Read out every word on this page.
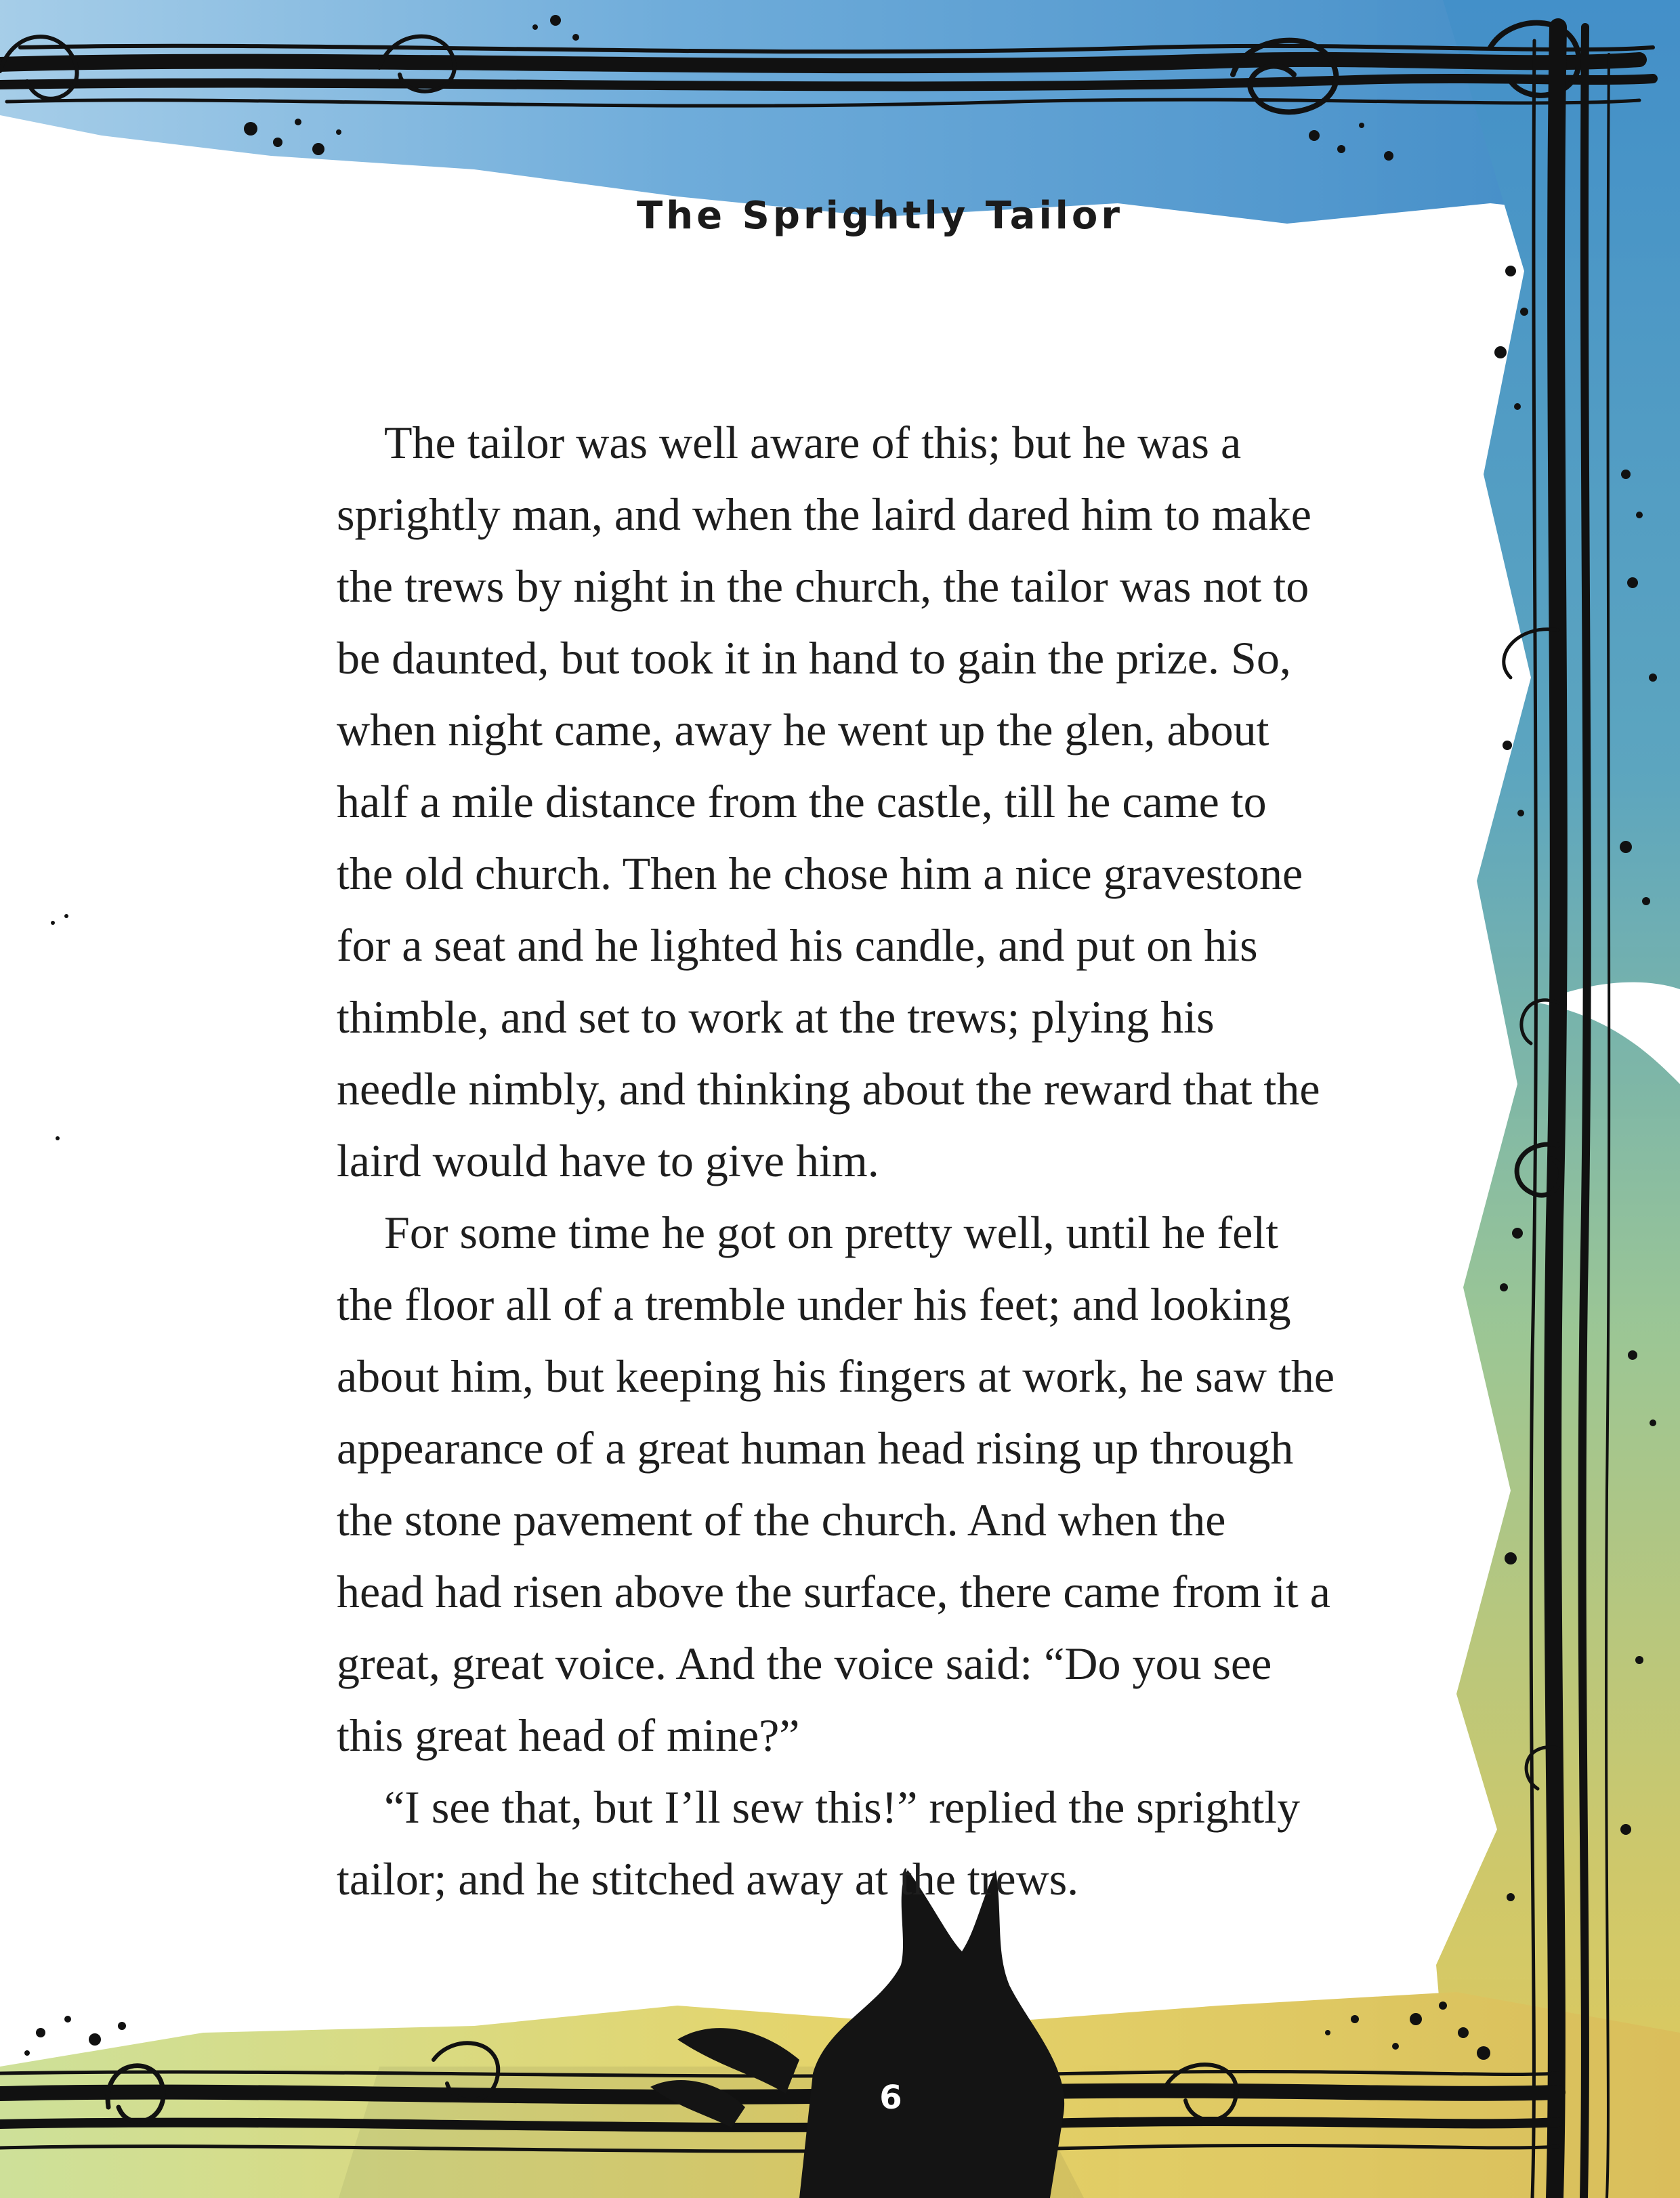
The Sprightly Tailor
The tailor was well aware of this; but he was a
sprightly man, and when the laird dared him to make
the trews by night in the church, the tailor was not to
be daunted, but took it in hand to gain the prize. So,
when night came, away he went up the glen, about
half a mile distance from the castle, till he came to
the old church. Then he chose him a nice gravestone
for a seat and he lighted his candle, and put on his
thimble, and set to work at the trews; plying his
needle nimbly, and thinking about the reward that the
laird would have to give him.
For some time he got on pretty well, until he felt
the floor all of a tremble under his feet; and looking
about him, but keeping his fingers at work, he saw the
appearance of a great human head rising up through
the stone pavement of the church. And when the
head had risen above the surface, there came from it a
great, great voice. And the voice said: “Do you see
this great head of mine?”
“I see that, but I’ll sew this!” replied the sprightly
tailor; and he stitched away at the trews.
6
